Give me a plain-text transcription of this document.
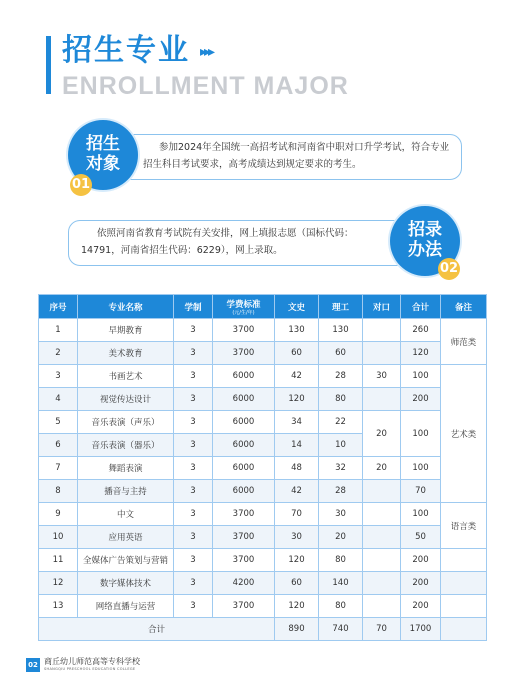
招生专业 ▸▸▸
ENROLLMENT MAJOR

参加2024年全国统一高招考试和河南省中职对口升学考试，符合专业招生科目考试要求，高考成绩达到规定要求的考生。

招生
对象
01

依照河南省教育考试院有关安排，网上填报志愿（国标代码：14791，河南省招生代码：6229），网上录取。

招录
办法
02
序号	专业名称	学制	学费标准
(元/生/年)	文史	理工	对口	合计	备注
1	早期教育	3	3700	130	130		260	师范类
2	美术教育	3	3700	60	60		120	
3	书画艺术	3	6000	42	28	30	100	艺术类
4	视觉传达设计	3	6000	120	80		200	
5	音乐表演（声乐）	3	6000	34	22	20	100	
6	音乐表演（器乐）	3	6000	14	10			
7	舞蹈表演	3	6000	48	32	20	100	
8	播音与主持	3	6000	42	28		70	
9	中文	3	3700	70	30		100	语言类
10	应用英语	3	3700	30	20		50	
11	全媒体广告策划与营销	3	3700	120	80		200	
12	数字媒体技术	3	4200	60	140		200	
13	网络直播与运营	3	3700	120	80		200	
合计				890	740	70	1700	
02 商丘幼儿师范高等专科学校
SHANGQIU PRESCHOOL EDUCATION COLLEGE
